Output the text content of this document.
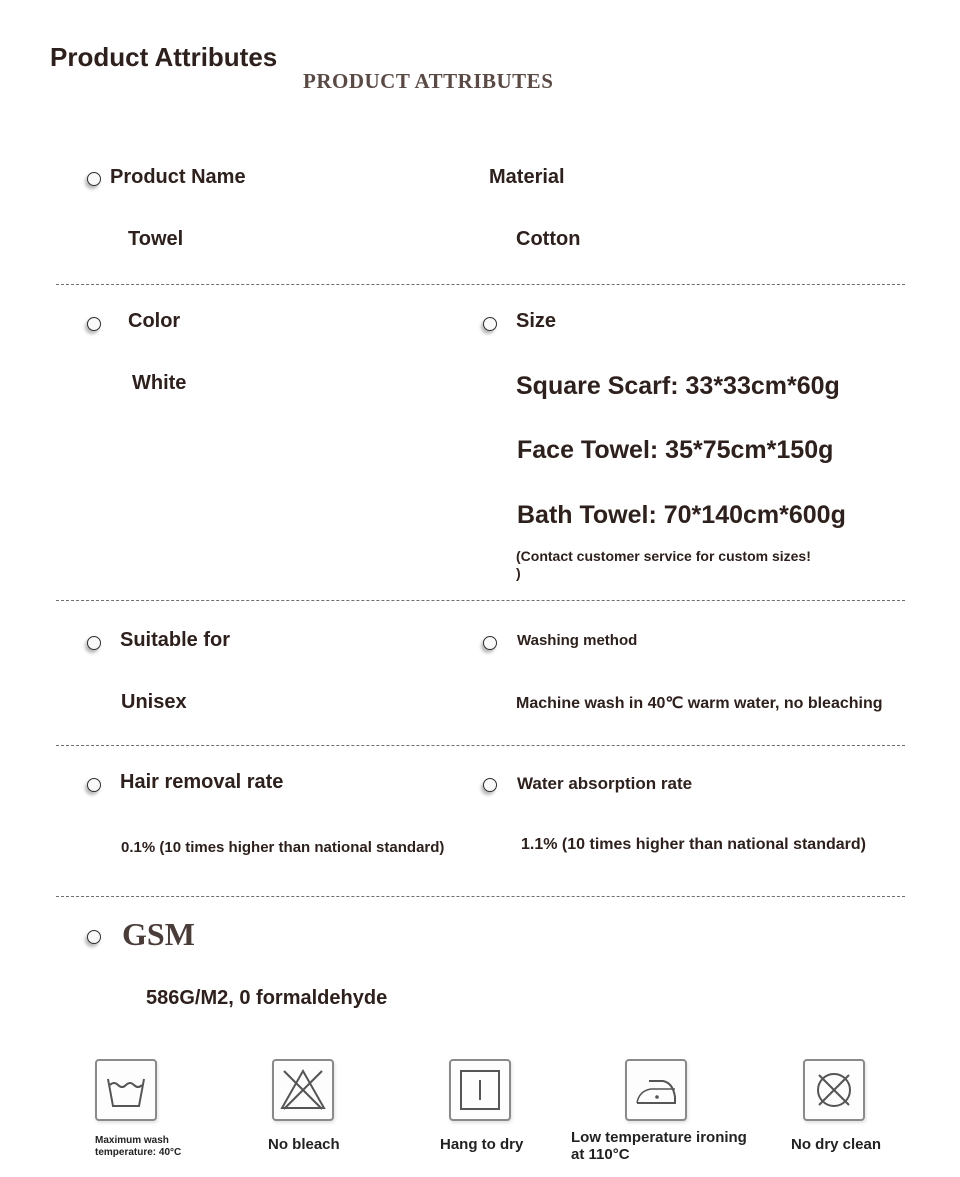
Product Attributes
PRODUCT ATTRIBUTES
Product Name
Towel
Material
Cotton
Color
White
Size
Square Scarf: 33*33cm*60g
Face Towel: 35*75cm*150g
Bath Towel: 70*140cm*600g
(Contact customer service for custom sizes!
)
Suitable for
Unisex
Washing method
Machine wash in 40℃ warm water, no bleaching
Hair removal rate
0.1% (10 times higher than national standard)
Water absorption rate
1.1% (10 times higher than national standard)
GSM
586G/M2, 0 formaldehyde
Maximum wash
temperature: 40°C	No bleach	Hang to dry	Low temperature ironing
at 110°C
No dry clean
